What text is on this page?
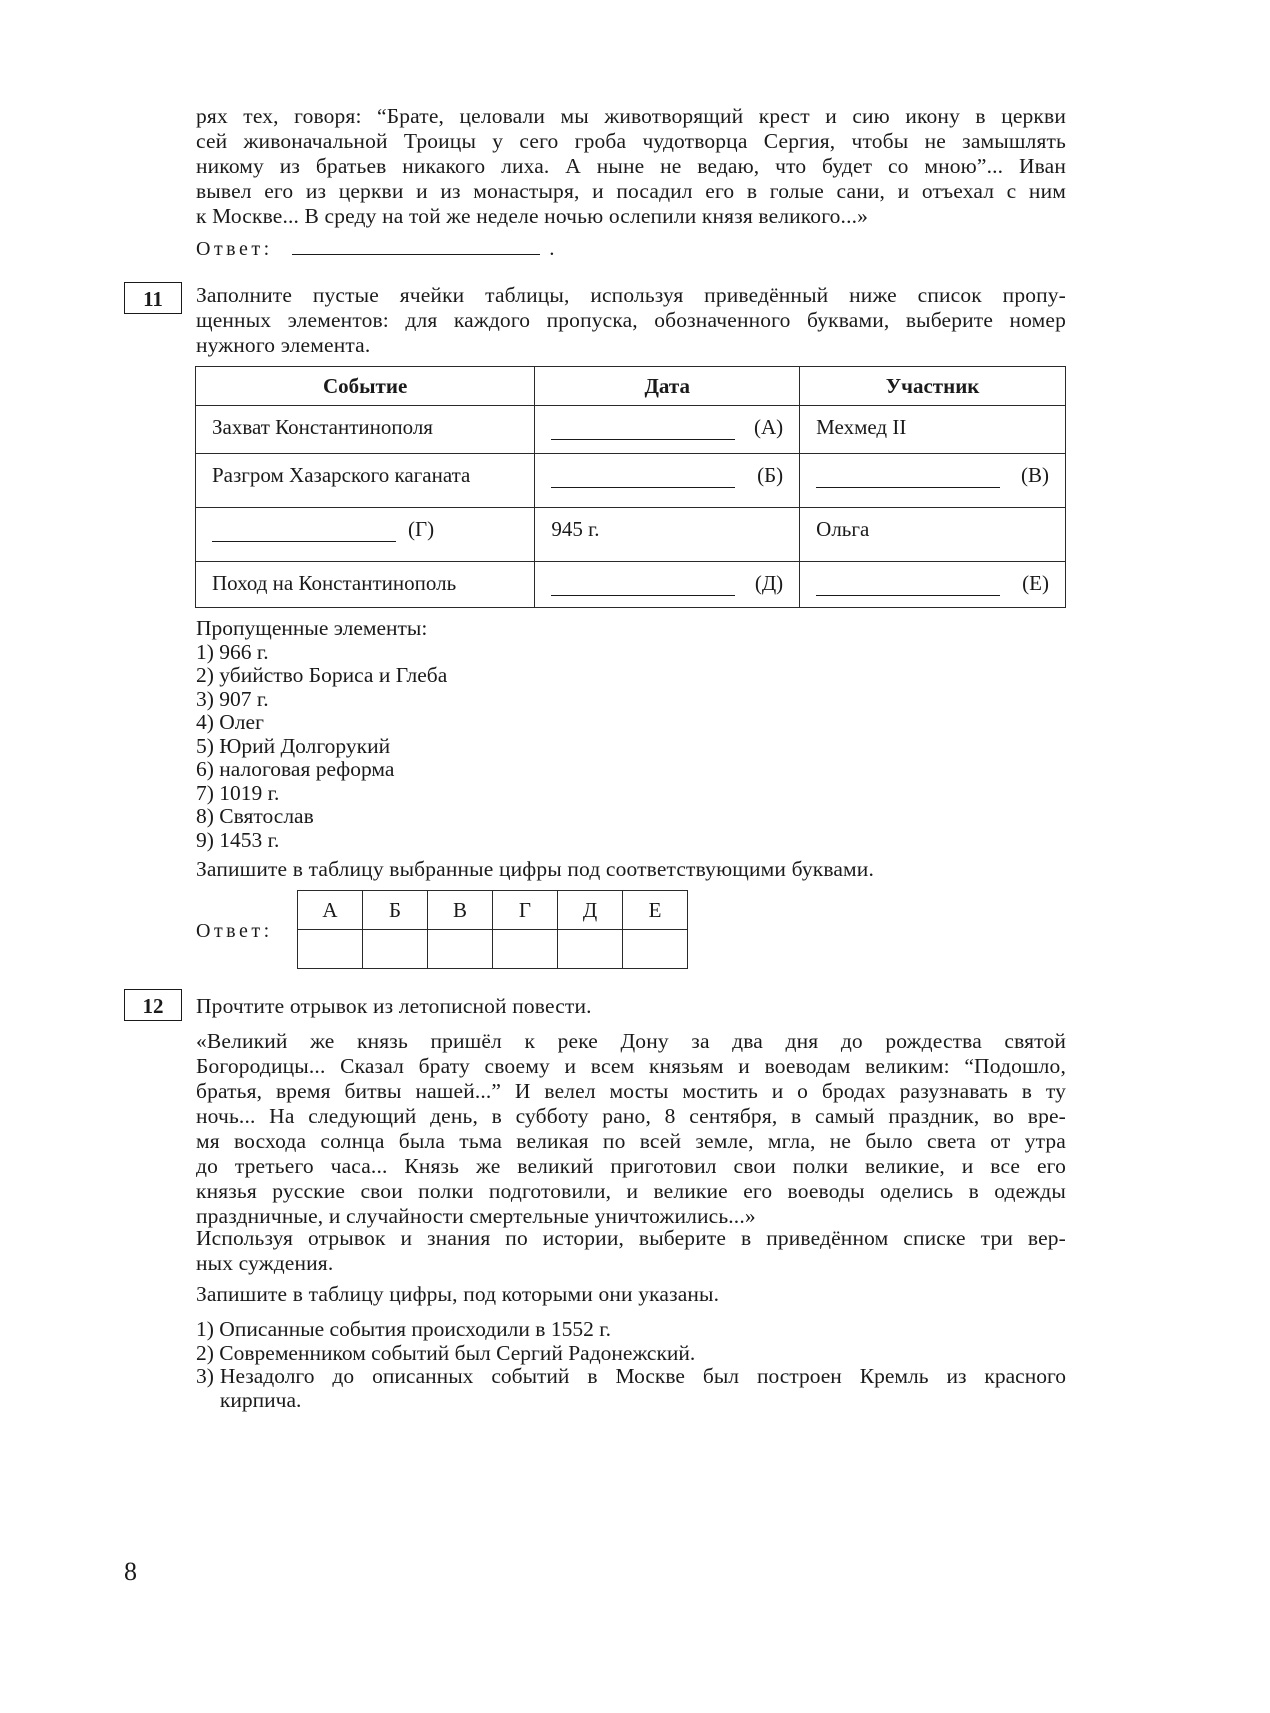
рях тех, говоря: “Брате, целовали мы животворящий крест и сию икону в церкви
сей живоначальной Троицы у сего гроба чудотворца Сергия, чтобы не замышлять
никому из братьев никакого лиха. А ныне не ведаю, что будет со мною”... Иван
вывел его из церкви и из монастыря, и посадил его в голые сани, и отъехал с ним
к Москве... В среду на той же неделе ночью ослепили князя великого...»
Ответ:	.
11	Заполните пустые ячейки таблицы, используя приведённый ниже список пропу-
щенных элементов: для каждого пропуска, обозначенного буквами, выберите номер
нужного элемента.
Событие	Дата	Участник
Захват Константинополя	(А)	Мехмед II
Разгром Хазарского каганата	(Б)	(В)

(Г)	945 г.	Ольга
Поход на Константинополь	(Д)	(Е)
Пропущенные элементы:
1) 966 г.
2) убийство Бориса и Глеба
3) 907 г.
4) Олег
5) Юрий Долгорукий
6) налоговая реформа
7) 1019 г.
8) Святослав
9) 1453 г.
Запишите в таблицу выбранные цифры под соответствующими буквами.
Ответ:
А	Б	В	Г	Д	Е

12	Прочтите отрывок из летописной повести.
«Великий же князь пришёл к реке Дону за два дня до рождества святой
Богородицы... Сказал брату своему и всем князьям и воеводам великим: “Подошло,
братья, время битвы нашей...” И велел мосты мостить и о бродах разузнавать в ту
ночь... На следующий день, в субботу рано, 8 сентября, в самый праздник, во вре-
мя восхода солнца была тьма великая по всей земле, мгла, не было света от утра
до третьего часа... Князь же великий приготовил свои полки великие, и все его
князья русские свои полки подготовили, и великие его воеводы оделись в одежды
праздничные, и случайности смертельные уничтожились...»
Используя отрывок и знания по истории, выберите в приведённом списке три вер-
ных суждения.
Запишите в таблицу цифры, под которыми они указаны.
1) Описанные события происходили в 1552 г.
2) Современником событий был Сергий Радонежский.
3) Незадолго до описанных событий в Москве был построен Кремль из красного
кирпича.
8
